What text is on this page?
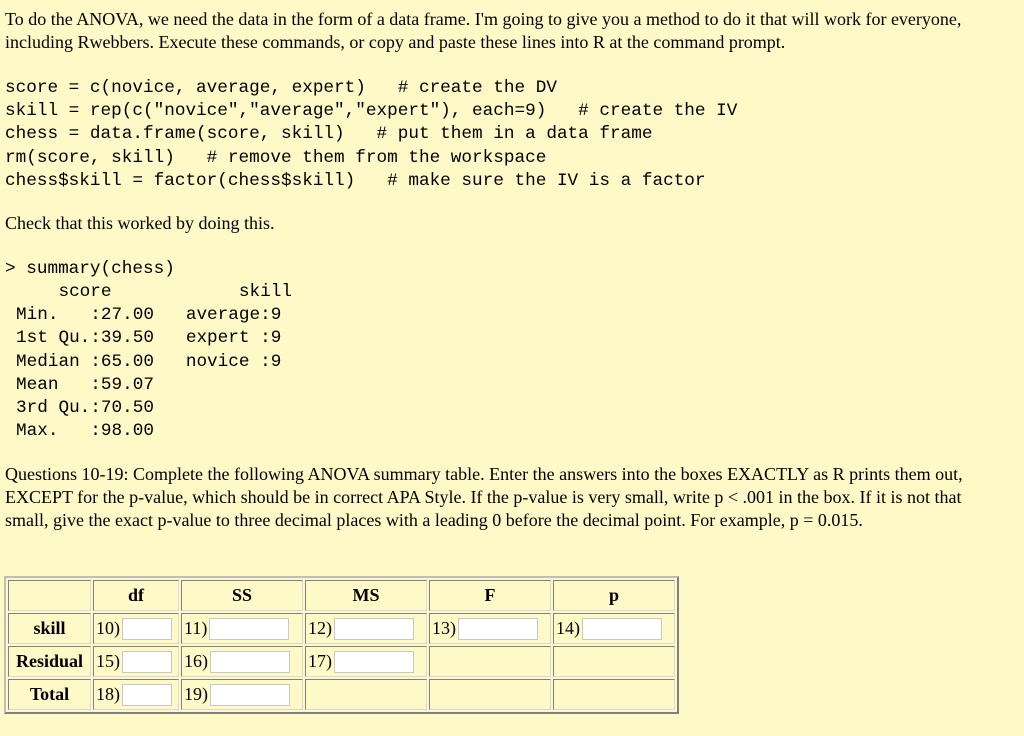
To do the ANOVA, we need the data in the form of a data frame. I'm going to give you a method to do it that will work for everyone, including Rwebbers. Execute these commands, or copy and paste these lines into R at the command prompt.

score = c(novice, average, expert)   # create the DV
skill = rep(c("novice","average","expert"), each=9)   # create the IV
chess = data.frame(score, skill)   # put them in a data frame
rm(score, skill)   # remove them from the workspace
chess$skill = factor(chess$skill)   # make sure the IV is a factor

Check that this worked by doing this.

> summary(chess)
score            skill
Min.   :27.00   average:9
1st Qu.:39.50   expert :9
Median :65.00   novice :9
Mean   :59.07
3rd Qu.:70.50
Max.   :98.00

Questions 10-19: Complete the following ANOVA summary table. Enter the answers into the boxes EXACTLY as R prints them out, EXCEPT for the p-value, which should be in correct APA Style. If the p-value is very small, write p < .001 in the box. If it is not that small, give the exact p-value to three decimal places with a leading 0 before the decimal point. For example, p = 0.015.

	df	SS	MS	F	p
skill	10)	11)	12)	13)	14)
Residual	15)	16)	17)		
Total	18)	19)			
